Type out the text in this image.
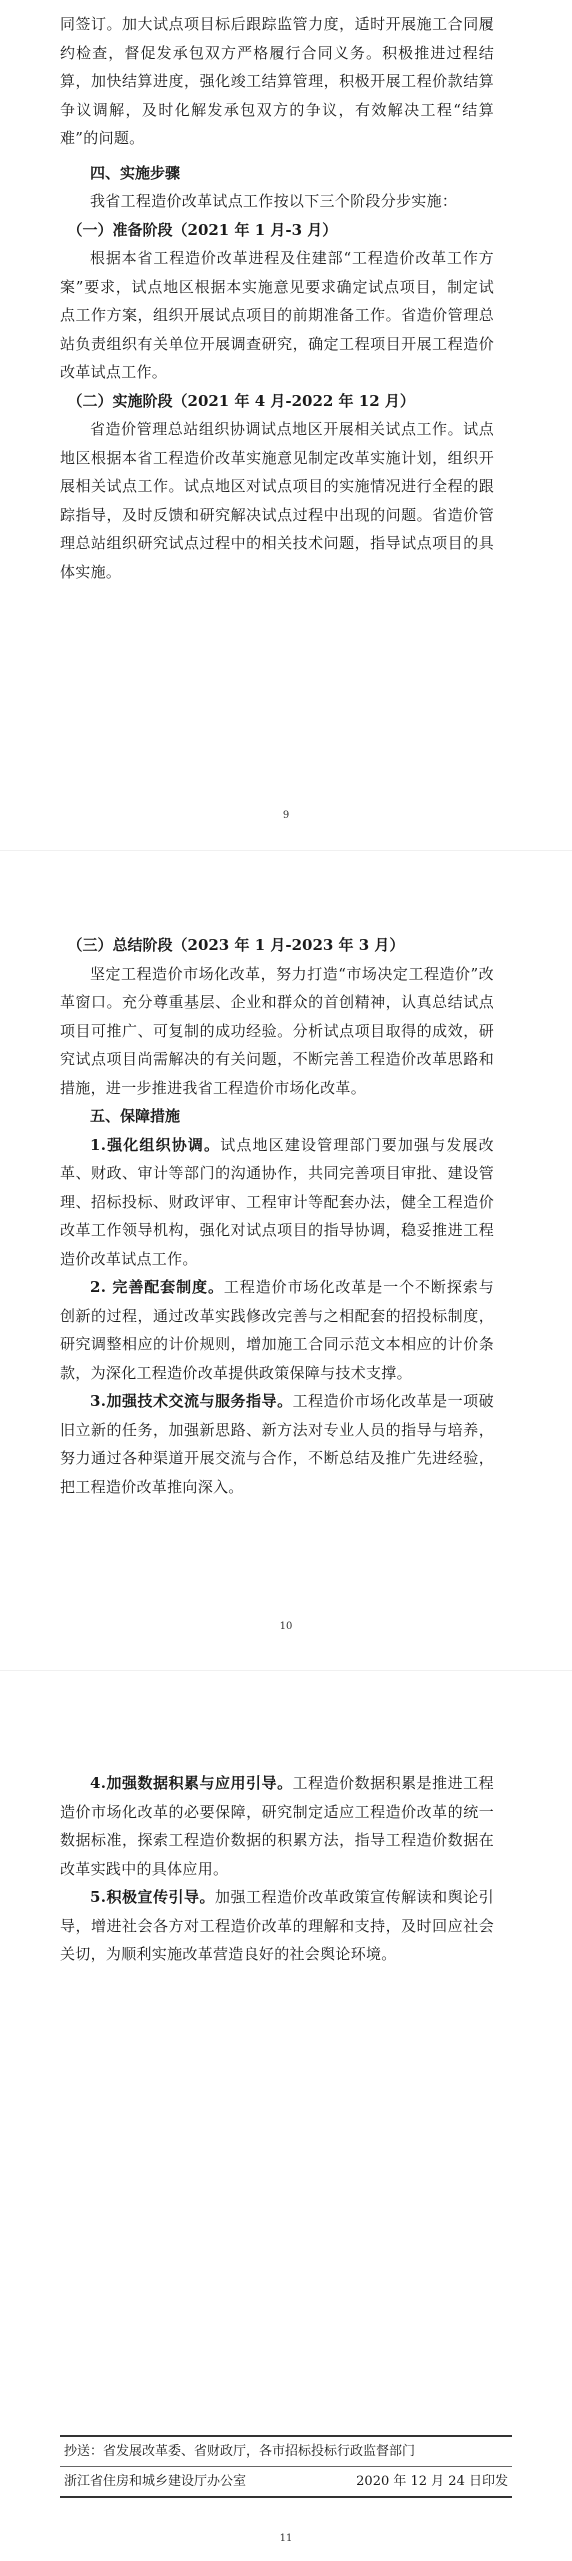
同签订。加大试点项目标后跟踪监管力度，适时开展施工合同履约检查，督促发承包双方严格履行合同义务。积极推进过程结算，加快结算进度，强化竣工结算管理，积极开展工程价款结算争议调解，及时化解发承包双方的争议，有效解决工程“结算难”的问题。

四、实施步骤

我省工程造价改革试点工作按以下三个阶段分步实施：

（一）准备阶段（2021 年 1 月-3 月）

根据本省工程造价改革进程及住建部“工程造价改革工作方案”要求，试点地区根据本实施意见要求确定试点项目，制定试点工作方案，组织开展试点项目的前期准备工作。省造价管理总站负责组织有关单位开展调查研究，确定工程项目开展工程造价改革试点工作。

（二）实施阶段（2021 年 4 月-2022 年 12 月）

省造价管理总站组织协调试点地区开展相关试点工作。试点地区根据本省工程造价改革实施意见制定改革实施计划，组织开展相关试点工作。试点地区对试点项目的实施情况进行全程的跟踪指导，及时反馈和研究解决试点过程中出现的问题。省造价管理总站组织研究试点过程中的相关技术问题，指导试点项目的具体实施。

9

（三）总结阶段（2023 年 1 月-2023 年 3 月）

坚定工程造价市场化改革，努力打造“市场决定工程造价”改革窗口。充分尊重基层、企业和群众的首创精神，认真总结试点项目可推广、可复制的成功经验。分析试点项目取得的成效，研究试点项目尚需解决的有关问题，不断完善工程造价改革思路和措施，进一步推进我省工程造价市场化改革。

五、保障措施

1.强化组织协调。试点地区建设管理部门要加强与发展改革、财政、审计等部门的沟通协作，共同完善项目审批、建设管理、招标投标、财政评审、工程审计等配套办法，健全工程造价改革工作领导机构，强化对试点项目的指导协调，稳妥推进工程造价改革试点工作。

2. 完善配套制度。工程造价市场化改革是一个不断探索与创新的过程，通过改革实践修改完善与之相配套的招投标制度，研究调整相应的计价规则，增加施工合同示范文本相应的计价条款，为深化工程造价改革提供政策保障与技术支撑。

3.加强技术交流与服务指导。工程造价市场化改革是一项破旧立新的任务，加强新思路、新方法对专业人员的指导与培养，努力通过各种渠道开展交流与合作，不断总结及推广先进经验，把工程造价改革推向深入。

10

4.加强数据积累与应用引导。工程造价数据积累是推进工程造价市场化改革的必要保障，研究制定适应工程造价改革的统一数据标准，探索工程造价数据的积累方法，指导工程造价数据在改革实践中的具体应用。

5.积极宣传引导。加强工程造价改革政策宣传解读和舆论引导，增进社会各方对工程造价改革的理解和支持，及时回应社会关切，为顺利实施改革营造良好的社会舆论环境。

抄送：省发展改革委、省财政厅，各市招标投标行政监督部门
浙江省住房和城乡建设厅办公室	2020 年 12 月 24 日印发
11
